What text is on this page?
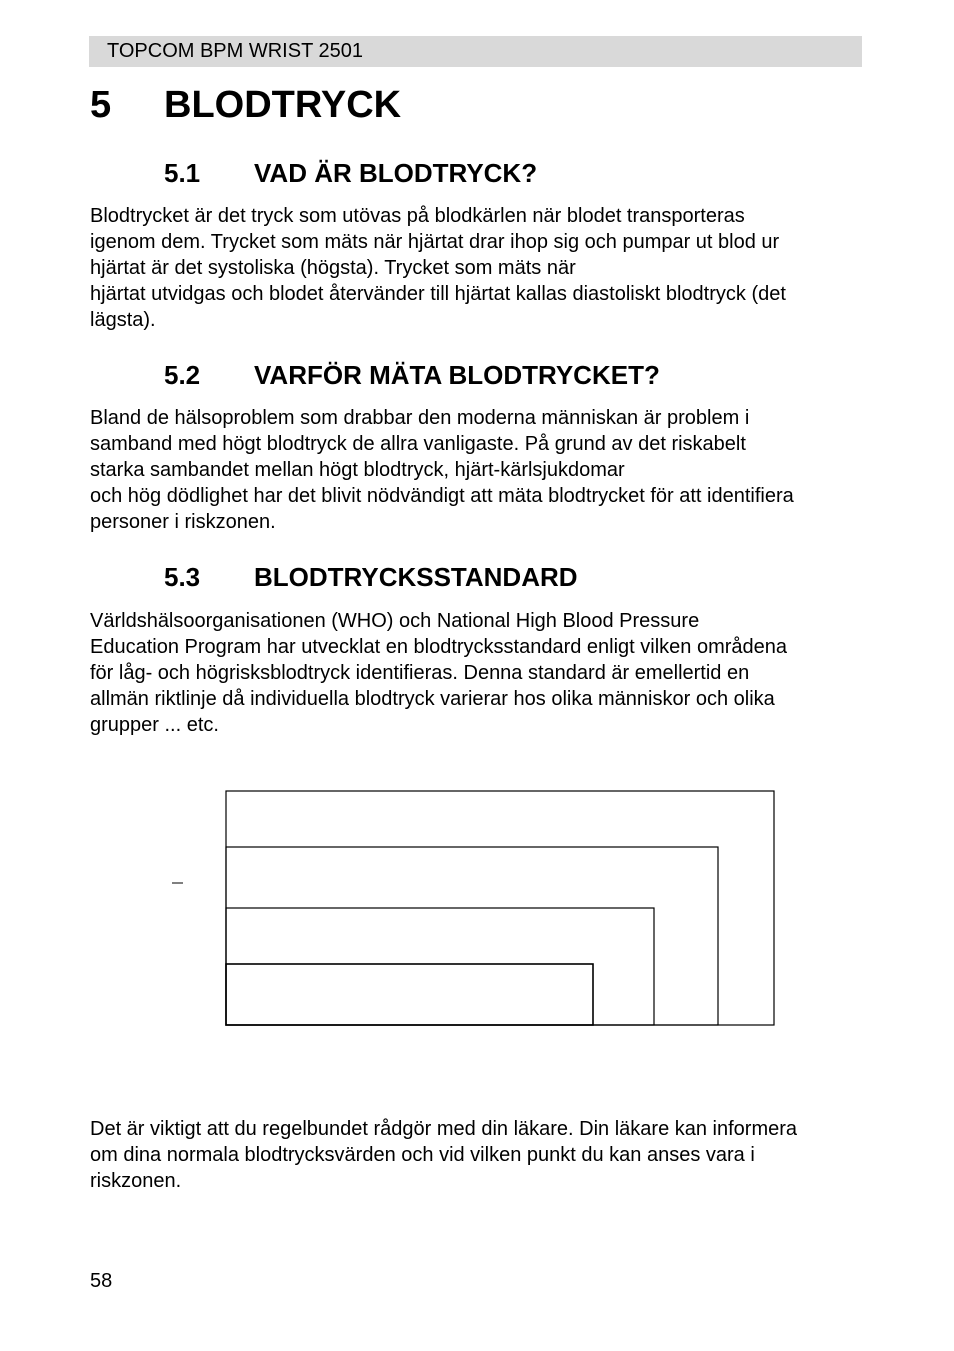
TOPCOM BPM WRIST 2501
5 BLODTRYCK
5.1 VAD ÄR BLODTRYCK?
Blodtrycket är det tryck som utövas på blodkärlen när blodet transporteras
igenom dem. Trycket som mäts när hjärtat drar ihop sig och pumpar ut blod ur
hjärtat är det systoliska (högsta). Trycket som mäts när
hjärtat utvidgas och blodet återvänder till hjärtat kallas diastoliskt blodtryck (det
lägsta).
5.2 VARFÖR MÄTA BLODTRYCKET?
Bland de hälsoproblem som drabbar den moderna människan är problem i
samband med högt blodtryck de allra vanligaste. På grund av det riskabelt
starka sambandet mellan högt blodtryck, hjärt-kärlsjukdomar
och hög dödlighet har det blivit nödvändigt att mäta blodtrycket för att identifiera
personer i riskzonen.
5.3 BLODTRYCKSSTANDARD
Världshälsoorganisationen (WHO) och National High Blood Pressure
Education Program har utvecklat en blodtrycksstandard enligt vilken områdena
för låg- och högrisksblodtryck identifieras. Denna standard är emellertid en
allmän riktlinje då individuella blodtryck varierar hos olika människor och olika
grupper ... etc.
Det är viktigt att du regelbundet rådgör med din läkare. Din läkare kan informera
om dina normala blodtrycksvärden och vid vilken punkt du kan anses vara i
riskzonen.
58
